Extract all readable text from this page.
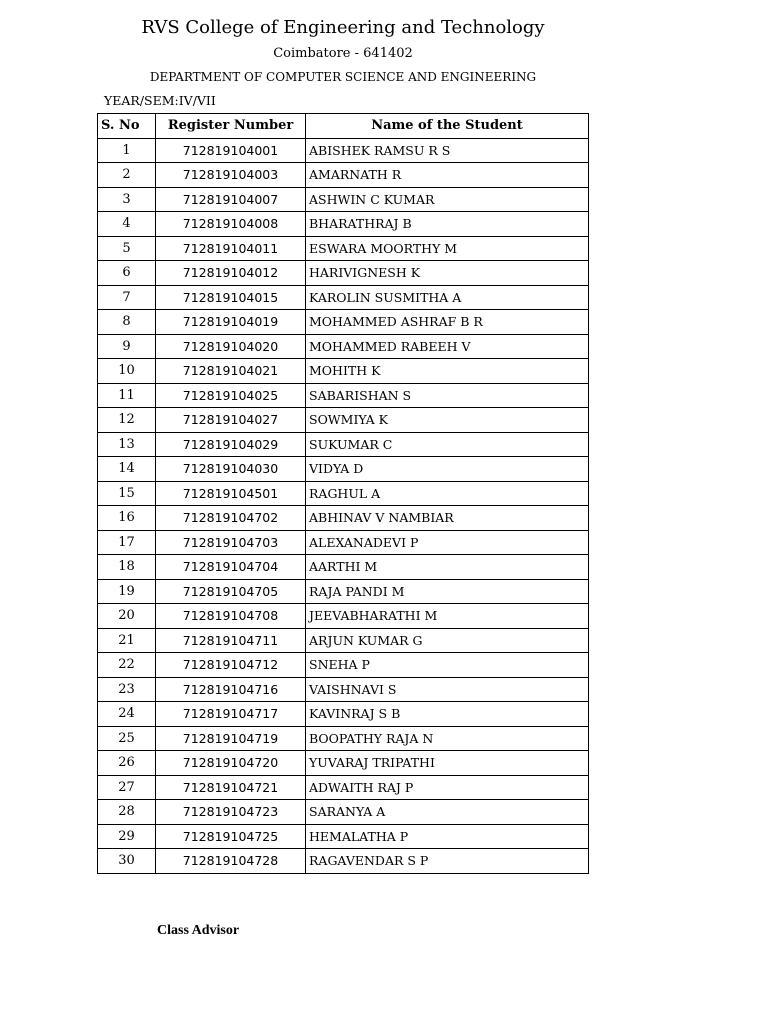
RVS College of Engineering and Technology
Coimbatore - 641402
DEPARTMENT OF COMPUTER SCIENCE AND ENGINEERING
YEAR/SEM:IV/VII
S. No	Register Number	Name of the Student
1	712819104001	ABISHEK RAMSU R S
2	712819104003	AMARNATH R
3	712819104007	ASHWIN C KUMAR
4	712819104008	BHARATHRAJ B
5	712819104011	ESWARA MOORTHY M
6	712819104012	HARIVIGNESH K
7	712819104015	KAROLIN SUSMITHA A
8	712819104019	MOHAMMED ASHRAF B R
9	712819104020	MOHAMMED RABEEH V
10	712819104021	MOHITH K
11	712819104025	SABARISHAN S
12	712819104027	SOWMIYA K
13	712819104029	SUKUMAR C
14	712819104030	VIDYA D
15	712819104501	RAGHUL A
16	712819104702	ABHINAV V NAMBIAR
17	712819104703	ALEXANADEVI P
18	712819104704	AARTHI M
19	712819104705	RAJA PANDI M
20	712819104708	JEEVABHARATHI M
21	712819104711	ARJUN KUMAR G
22	712819104712	SNEHA P
23	712819104716	VAISHNAVI S
24	712819104717	KAVINRAJ S B
25	712819104719	BOOPATHY RAJA N
26	712819104720	YUVARAJ TRIPATHI
27	712819104721	ADWAITH RAJ P
28	712819104723	SARANYA A
29	712819104725	HEMALATHA P
30	712819104728	RAGAVENDAR S P
Class Advisor
